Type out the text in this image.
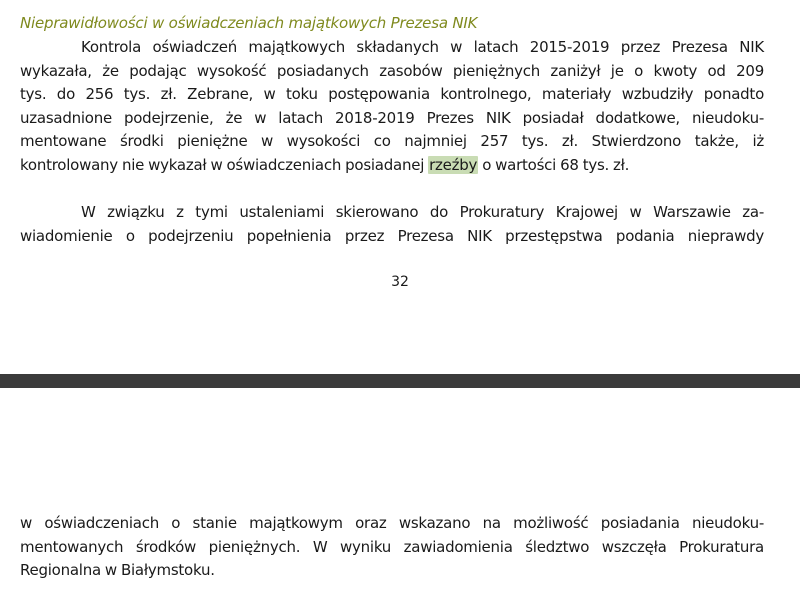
Nieprawidłowości w oświadczeniach majątkowych Prezesa NIK
Kontrola oświadczeń majątkowych składanych w latach 2015-2019 przez Prezesa NIK
wykazała, że podając wysokość posiadanych zasobów pieniężnych zaniżył je o kwoty od 209
tys. do 256 tys. zł. Zebrane, w toku postępowania kontrolnego, materiały wzbudziły ponadto
uzasadnione podejrzenie, że w latach 2018-2019 Prezes NIK posiadał dodatkowe, nieudoku-
mentowane środki pieniężne w wysokości co najmniej 257 tys. zł. Stwierdzono także, iż
kontrolowany nie wykazał w oświadczeniach posiadanej rzeźby o wartości 68 tys. zł.
W związku z tymi ustaleniami skierowano do Prokuratury Krajowej w Warszawie za-
wiadomienie o podejrzeniu popełnienia przez Prezesa NIK przestępstwa podania nieprawdy
32
w oświadczeniach o stanie majątkowym oraz wskazano na możliwość posiadania nieudoku-
mentowanych środków pieniężnych. W wyniku zawiadomienia śledztwo wszczęła Prokuratura
Regionalna w Białymstoku.
